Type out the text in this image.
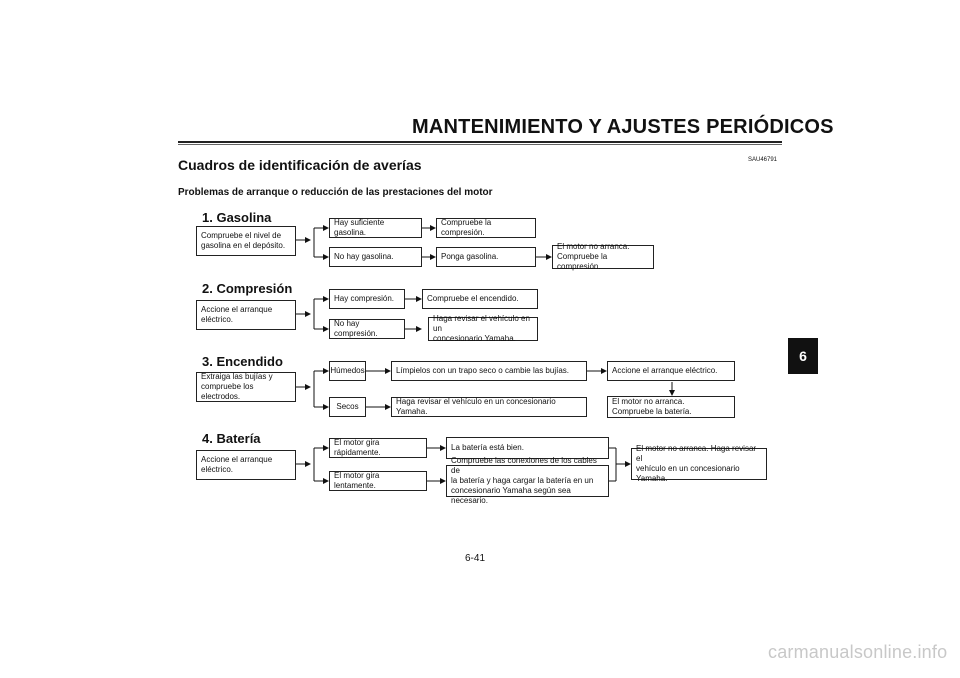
MANTENIMIENTO Y AJUSTES PERIÓDICOS
SAU46791
Cuadros de identificación de averías
Problemas de arranque o reducción de las prestaciones del motor
1. Gasolina
Compruebe el nivel de
gasolina en el depósito.
Hay suficiente gasolina.
Compruebe la compresión.
No hay gasolina.	Ponga gasolina.
El motor no arranca.
Compruebe la compresión.
2. Compresión
Accione el arranque
eléctrico.
Hay compresión.	Compruebe el encendido.
No hay compresión.
Haga revisar el vehículo en un
concesionario Yamaha.
3. Encendido
Extraiga las bujías y
compruebe los electrodos.
Húmedos	Límpielos con un trapo seco o cambie las bujías.	Accione el arranque eléctrico.
El motor no arranca.
Compruebe la batería.
Secos
Haga revisar el vehículo en un concesionario Yamaha.
4. Batería
Accione el arranque
eléctrico.
El motor gira rápidamente.
La batería está bien.
El motor gira lentamente.
Compruebe las conexiones de los cables de
la batería y haga cargar la batería en un
concesionario Yamaha según sea necesario.
El motor no arranca. Haga revisar el
vehículo en un concesionario
Yamaha.
6
6-41
carmanualsonline.info
